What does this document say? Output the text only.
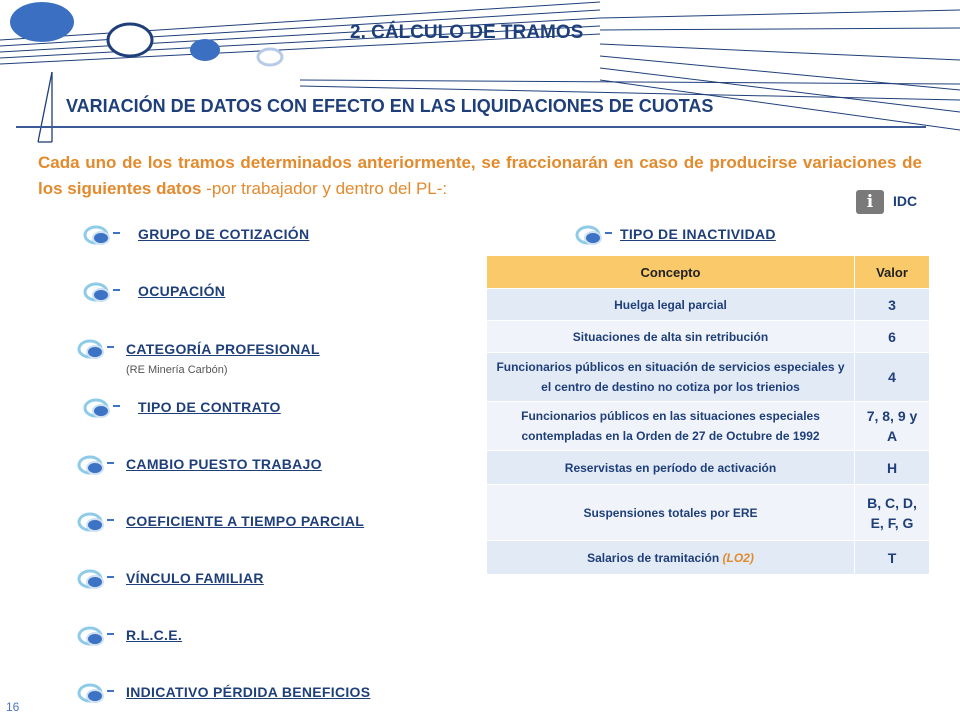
2. CÁLCULO DE TRAMOS
VARIACIÓN DE DATOS CON EFECTO EN LAS LIQUIDACIONES DE CUOTAS
Cada uno de los tramos determinados anteriormente, se fraccionarán en caso de producirse variaciones de los siguientes datos -por trabajador y dentro del PL-:
i	IDC
GRUPO DE COTIZACIÓN
OCUPACIÓN
CATEGORÍA PROFESIONAL
(RE Minería Carbón)
TIPO DE CONTRATO
CAMBIO PUESTO TRABAJO
COEFICIENTE A TIEMPO PARCIAL
VÍNCULO FAMILIAR
R.L.C.E.
INDICATIVO PÉRDIDA BENEFICIOS
TIPO DE INACTIVIDAD
Concepto	Valor
Huelga legal parcial	3
Situaciones de alta sin retribución	6
Funcionarios públicos en situación de servicios especiales y el centro de destino no cotiza por los trienios	4
Funcionarios públicos en las situaciones especiales contempladas en la Orden de 27 de Octubre de 1992	7, 8, 9 y A
Reservistas en período de activación	H
Suspensiones totales por ERE	B, C, D, E, F, G
Salarios de tramitación (LO2)	T
16
